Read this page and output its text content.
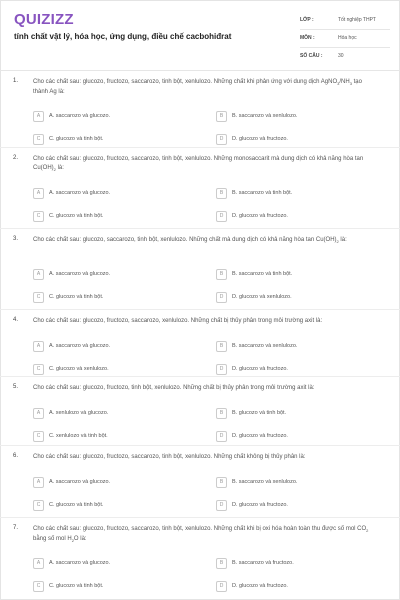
QUIZIZZ
tính chất vật lý, hóa học, ứng dụng, điều chế cacbohiđrat
LỚP :	Tốt nghiệp THPT
MÔN :	Hóa học
SỐ CÂU :	30
1. Cho các chất sau: glucozo, fructozo, saccarozo, tinh bột, xenlulozo. Những chất khi phản ứng với dung dịch $AgNO_3/NH_3$ tạo thành Ag là:
A	A. saccarozo và glucozo.	B	B. saccarozo và xenlulozo.
C	C. glucozo và tinh bột.	D	D. glucozo và fructozo.
2. Cho các chất sau: glucozo, fructozo, saccarozo, tinh bột, xenlulozo. Những monosaccarit mà dung dịch có khả năng hòa $\tan Cu(OH)_2$ là:
A	A. saccarozo và glucozo.	B	B. saccarozo và tinh bột.
C	C. glucozo và tinh bột.	D	D. glucozo và fructozo.
3. Cho các chất sau: glucozo, saccarozo, tinh bột, xenlulozo. Những chất mà dung dịch có khả năng hòa $\tan Cu(OH)_2$ là:
A	A. saccarozo và glucozo.	B	B. saccarozo và tinh bột.
C	C. glucozo và tinh bột.	D	D. glucozo và xenlulozo.
4. Cho các chất sau: glucozo, fructozo, saccarozo, xenlulozo. Những chất bị thủy phân trong môi trường axit là:
A	A. saccarozo và glucozo.	B	B. saccarozo và xenlulozo.
C	C. glucozo và xenlulozo.	D	D. glucozo và fructozo.
5. Cho các chất sau: glucozo, fructozo, tinh bột, xenlulozo. Những chất bị thủy phân trong môi trường axit là:
A	A. xenlulozo và glucozo.	B	B. glucozo và tinh bột.
C	C. xenlulozo và tinh bột.	D	D. glucozo và fructozo.
6. Cho các chất sau: glucozo, fructozo, saccarozo, tinh bột, xenlulozo. Những chất không bị thủy phân là:
A	A. saccarozo và glucozo.	B	B. saccarozo và xenlulozo.
C	C. glucozo và tinh bột.	D	D. glucozo và fructozo.
7. Cho các chất sau: glucozo, fructozo, saccarozo, tinh bột, xenlulozo. Những chất khi bị oxi hóa hoàn toàn thu được số mol $CO_2$ bằng số mol $H_2O$ là:
A	A. saccarozo và glucozo.	B	B. saccarozo và fructozo.
C	C. glucozo và tinh bột.	D	D. glucozo và fructozo.
